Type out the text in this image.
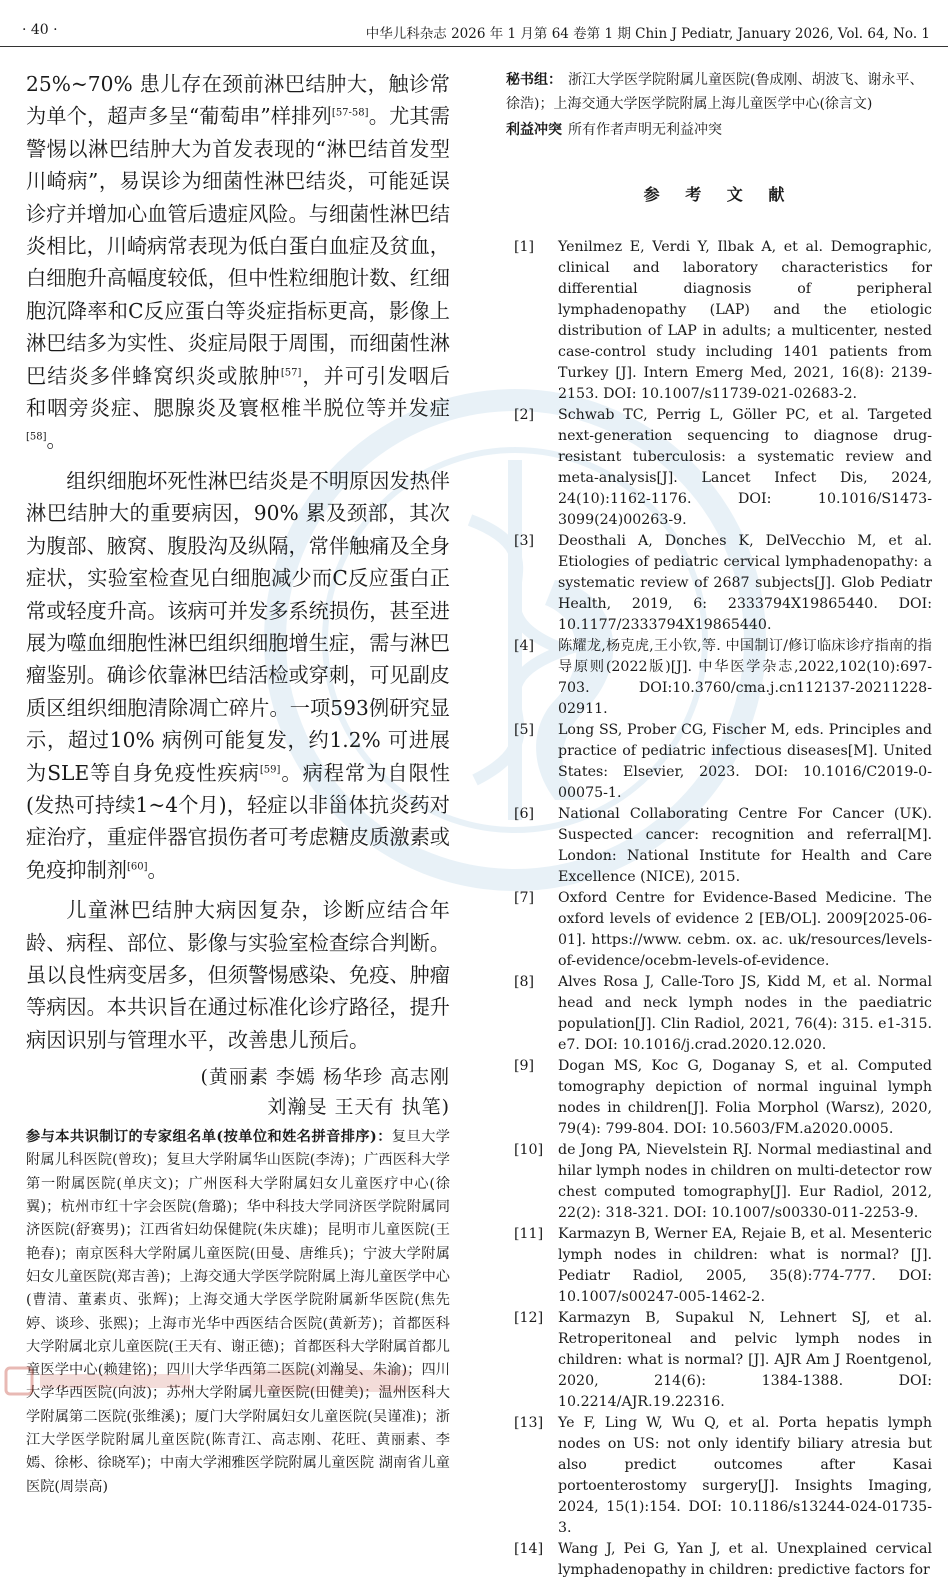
· 40 ·	中华儿科杂志 2026 年 1 月第 64 卷第 1 期 Chin J Pediatr, January 2026, Vol. 64, No. 1

25%~70% 患儿存在颈前淋巴结肿大，触诊常为单个，超声多呈“葡萄串”样排列[57-58]。尤其需警惕以淋巴结肿大为首发表现的“淋巴结首发型川崎病”，易误诊为细菌性淋巴结炎，可能延误诊疗并增加心血管后遗症风险。与细菌性淋巴结炎相比，川崎病常表现为低白蛋白血症及贫血，白细胞升高幅度较低，但中性粒细胞计数、红细胞沉降率和C反应蛋白等炎症指标更高，影像上淋巴结多为实性、炎症局限于周围，而细菌性淋巴结炎多伴蜂窝织炎或脓肿[57]，并可引发咽后和咽旁炎症、腮腺炎及寰枢椎半脱位等并发症[58]。

组织细胞坏死性淋巴结炎是不明原因发热伴淋巴结肿大的重要病因，90% 累及颈部，其次为腹部、腋窝、腹股沟及纵隔，常伴触痛及全身症状，实验室检查见白细胞减少而C反应蛋白正常或轻度升高。该病可并发多系统损伤，甚至进展为噬血细胞性淋巴组织细胞增生症，需与淋巴瘤鉴别。确诊依靠淋巴结活检或穿刺，可见副皮质区组织细胞清除凋亡碎片。一项593例研究显示，超过10% 病例可能复发，约1.2% 可进展为SLE等自身免疫性疾病[59]。病程常为自限性(发热可持续1~4个月)，轻症以非甾体抗炎药对症治疗，重症伴器官损伤者可考虑糖皮质激素或免疫抑制剂[60]。

儿童淋巴结肿大病因复杂，诊断应结合年龄、病程、部位、影像与实验室检查综合判断。虽以良性病变居多，但须警惕感染、免疫、肿瘤等病因。本共识旨在通过标准化诊疗路径，提升病因识别与管理水平，改善患儿预后。

(黄丽素 李嫣 杨华珍 高志刚
刘瀚旻 王天有 执笔)

参与本共识制订的专家组名单(按单位和姓名拼音排序)：复旦大学附属儿科医院(曾玫)；复旦大学附属华山医院(李涛)；广西医科大学第一附属医院(单庆文)；广州医科大学附属妇女儿童医疗中心(徐翼)；杭州市红十字会医院(詹璐)；华中科技大学同济医学院附属同济医院(舒赛男)；江西省妇幼保健院(朱庆雄)；昆明市儿童医院(王艳春)；南京医科大学附属儿童医院(田曼、唐维兵)；宁波大学附属妇女儿童医院(郑吉善)；上海交通大学医学院附属上海儿童医学中心(曹清、董素贞、张辉)；上海交通大学医学院附属新华医院(焦先婷、谈珍、张熙)；上海市光华中西医结合医院(黄新芳)；首都医科大学附属北京儿童医院(王天有、谢正德)；首都医科大学附属首都儿童医学中心(赖建铭)；四川大学华西第二医院(刘瀚旻、朱渝)；四川大学华西医院(向波)；苏州大学附属儿童医院(田健美)；温州医科大学附属第二医院(张维溪)；厦门大学附属妇女儿童医院(吴谨准)；浙江大学医学院附属儿童医院(陈青江、高志刚、花旺、黄丽素、李嫣、徐彬、徐晓军)；中南大学湘雅医学院附属儿童医院 湖南省儿童医院(周崇高)

秘书组： 浙江大学医学院附属儿童医院(鲁成刚、胡波飞、谢永平、徐浩)；上海交通大学医学院附属上海儿童医学中心(徐言文)

利益冲突 所有作者声明无利益冲突

参 考 文 献
[1] Yenilmez E, Verdi Y, Ilbak A, et al. Demographic, clinical and laboratory characteristics for differential diagnosis of peripheral lymphadenopathy (LAP) and the etiologic distribution of LAP in adults; a multicenter, nested case-control study including 1401 patients from Turkey [J]. Intern Emerg Med, 2021, 16(8): 2139-2153. DOI: 10.1007/s11739-021-02683-2.
[2] Schwab TC, Perrig L, Göller PC, et al. Targeted next-generation sequencing to diagnose drug-resistant tuberculosis: a systematic review and meta-analysis[J]. Lancet Infect Dis, 2024, 24(10):1162-1176. DOI: 10.1016/S1473-3099(24)00263-9.
[3] Deosthali A, Donches K, DelVecchio M, et al. Etiologies of pediatric cervical lymphadenopathy: a systematic review of 2687 subjects[J]. Glob Pediatr Health, 2019, 6: 2333794X19865440. DOI: 10.1177/2333794X19865440.
[4] 陈耀龙,杨克虎,王小钦,等. 中国制订/修订临床诊疗指南的指导原则(2022版)[J]. 中华医学杂志,2022,102(10):697-703. DOI:10.3760/cma.j.cn112137-20211228-02911.
[5] Long SS, Prober CG, Fischer M, eds. Principles and practice of pediatric infectious diseases[M]. United States: Elsevier, 2023. DOI: 10.1016/C2019-0-00075-1.
[6] National Collaborating Centre For Cancer (UK). Suspected cancer: recognition and referral[M]. London: National Institute for Health and Care Excellence (NICE), 2015.
[7] Oxford Centre for Evidence-Based Medicine. The oxford levels of evidence 2 [EB/OL]. 2009[2025-06-01]. https://www. cebm. ox. ac. uk/resources/levels-of-evidence/ocebm-levels-of-evidence.
[8] Alves Rosa J, Calle-Toro JS, Kidd M, et al. Normal head and neck lymph nodes in the paediatric population[J]. Clin Radiol, 2021, 76(4): 315. e1-315. e7. DOI: 10.1016/j.crad.2020.12.020.
[9] Dogan MS, Koc G, Doganay S, et al. Computed tomography depiction of normal inguinal lymph nodes in children[J]. Folia Morphol (Warsz), 2020, 79(4): 799-804. DOI: 10.5603/FM.a2020.0005.
[10] de Jong PA, Nievelstein RJ. Normal mediastinal and hilar lymph nodes in children on multi-detector row chest computed tomography[J]. Eur Radiol, 2012, 22(2): 318-321. DOI: 10.1007/s00330-011-2253-9.
[11] Karmazyn B, Werner EA, Rejaie B, et al. Mesenteric lymph nodes in children: what is normal? [J]. Pediatr Radiol, 2005, 35(8):774-777. DOI: 10.1007/s00247-005-1462-2.
[12] Karmazyn B, Supakul N, Lehnert SJ, et al. Retroperitoneal and pelvic lymph nodes in children: what is normal? [J]. AJR Am J Roentgenol, 2020, 214(6): 1384-1388. DOI: 10.2214/AJR.19.22316.
[13] Ye F, Ling W, Wu Q, et al. Porta hepatis lymph nodes on US: not only identify biliary atresia but also predict outcomes after Kasai portoenterostomy surgery[J]. Insights Imaging, 2024, 15(1):154. DOI: 10.1186/s13244-024-01735-3.
[14] Wang J, Pei G, Yan J, et al. Unexplained cervical lymphadenopathy in children: predictive factors for
